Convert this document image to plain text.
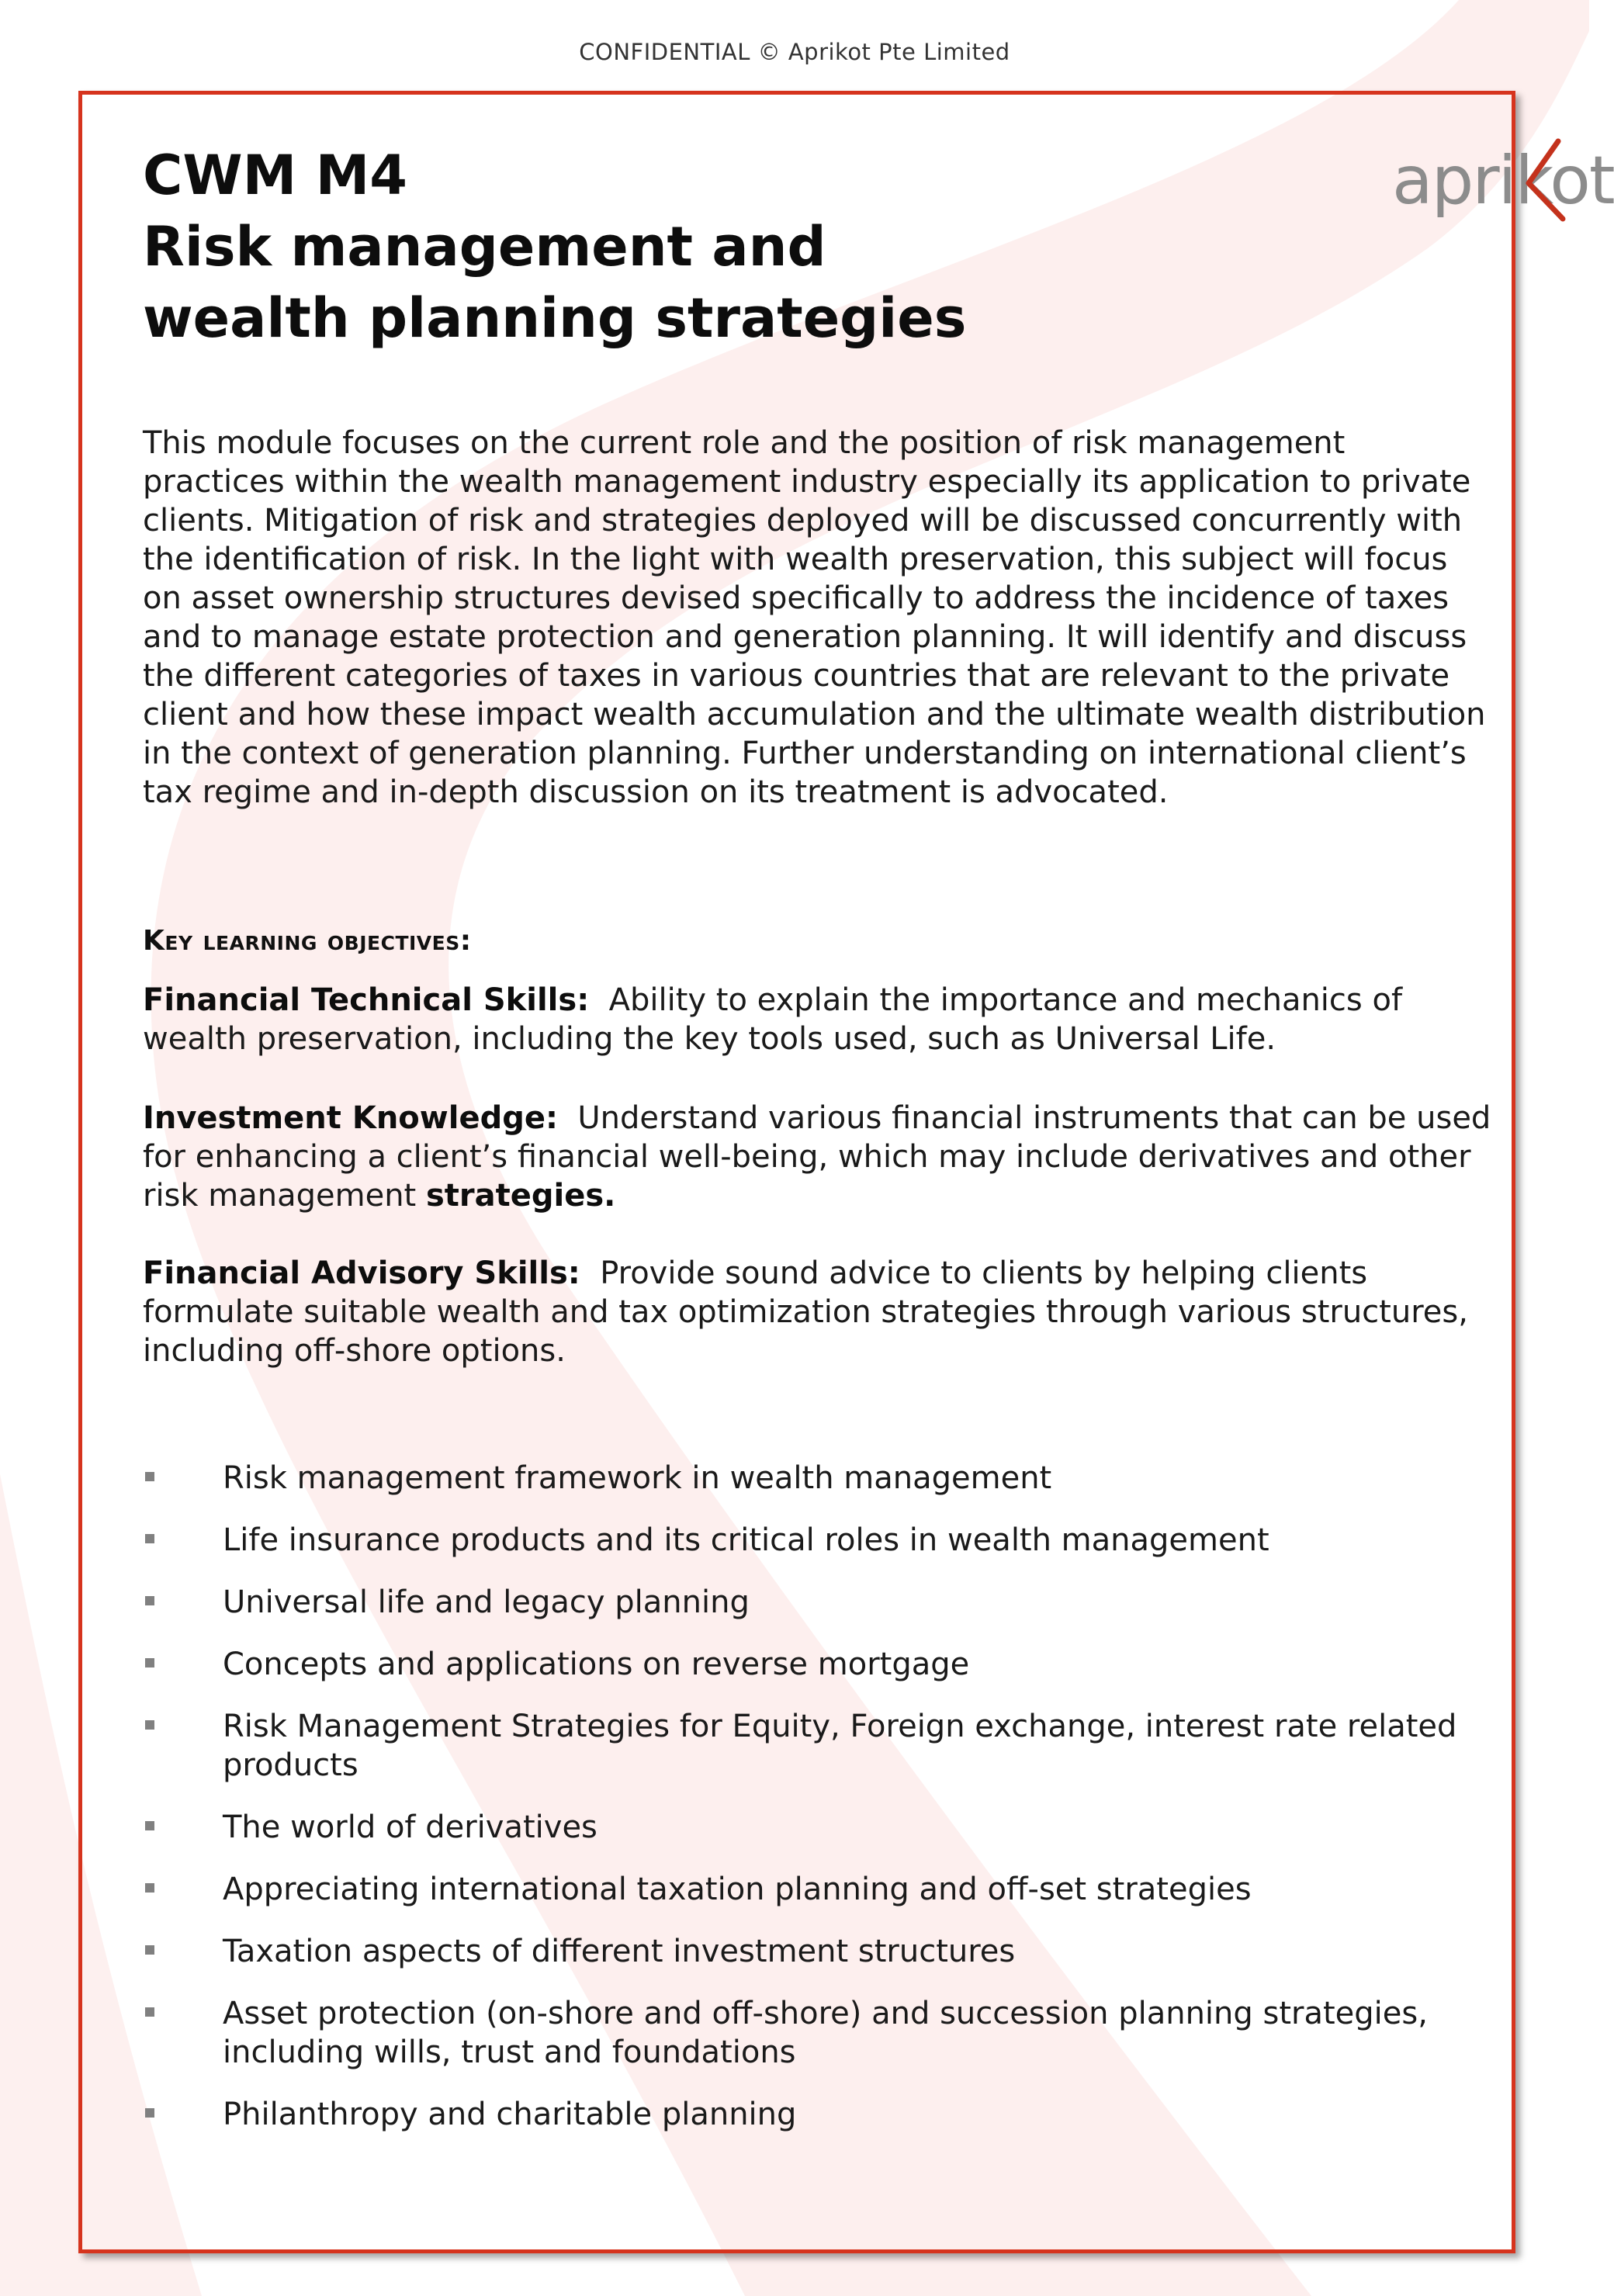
CONFIDENTIAL © Aprikot Pte Limited
CWM M4
Risk management and
wealth planning strategies
aprikot

This module focuses on the current role and the position of risk management practices within the wealth management industry especially its application to private clients. Mitigation of risk and strategies deployed will be discussed concurrently with the identification of risk. In the light with wealth preservation, this subject will focus on asset ownership structures devised specifically to address the incidence of taxes and to manage estate protection and generation planning. It will identify and discuss the different categories of taxes in various countries that are relevant to the private client and how these impact wealth accumulation and the ultimate wealth distribution in the context of generation planning. Further understanding on international client’s tax regime and in-depth discussion on its treatment is advocated.

Key learning objectives:

Financial Technical Skills: Ability to explain the importance and mechanics of wealth preservation, including the key tools used, such as Universal Life.

Investment Knowledge: Understand various financial instruments that can be used for enhancing a client’s financial well-being, which may include derivatives and other risk management strategies.

Financial Advisory Skills: Provide sound advice to clients by helping clients formulate suitable wealth and tax optimization strategies through various structures, including off-shore options.

Risk management framework in wealth management
Life insurance products and its critical roles in wealth management
Universal life and legacy planning
Concepts and applications on reverse mortgage
Risk Management Strategies for Equity, Foreign exchange, interest rate related products
The world of derivatives
Appreciating international taxation planning and off-set strategies
Taxation aspects of different investment structures
Asset protection (on-shore and off-shore) and succession planning strategies, including wills, trust and foundations
Philanthropy and charitable planning
